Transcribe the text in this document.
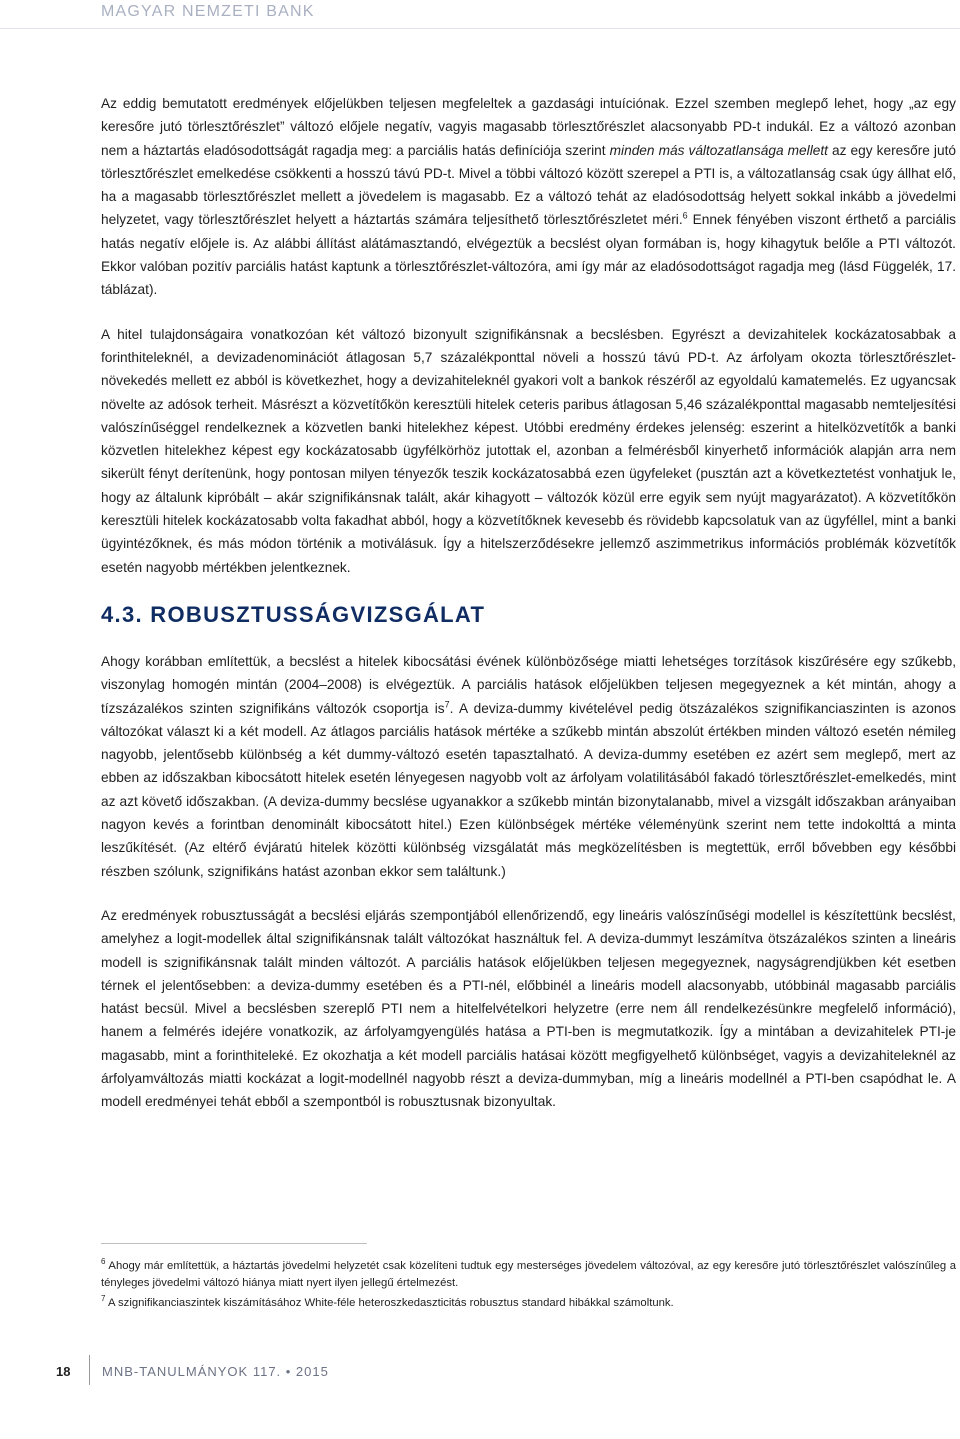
MAGYAR NEMZETI BANK

Az eddig bemutatott eredmények előjelükben teljesen megfeleltek a gazdasági intuíciónak. Ezzel szemben meglepő lehet, hogy „az egy keresőre jutó törlesztőrészlet” változó előjele negatív, vagyis magasabb törlesztőrészlet alacsonyabb PD-t indukál. Ez a változó azonban nem a háztartás eladósodottságát ragadja meg: a parciális hatás definíciója szerint minden más változatlansága mellett az egy keresőre jutó törlesztőrészlet emelkedése csökkenti a hosszú távú PD-t. Mivel a többi változó között szerepel a PTI is, a változatlanság csak úgy állhat elő, ha a magasabb törlesztőrészlet mellett a jövedelem is magasabb. Ez a változó tehát az eladósodottság helyett sokkal inkább a jövedelmi helyzetet, vagy törlesztőrészlet helyett a háztartás számára teljesíthető törlesztőrészletet méri.$^6$ Ennek fényében viszont érthető a parciális hatás negatív előjele is. Az alábbi állítást alátámasztandó, elvégeztük a becslést olyan formában is, hogy kihagytuk belőle a PTI változót. Ekkor valóban pozitív parciális hatást kaptunk a törlesztőrészlet-változóra, ami így már az eladósodottságot ragadja meg (lásd Függelék, 17. táblázat).

A hitel tulajdonságaira vonatkozóan két változó bizonyult szignifikánsnak a becslésben. Egyrészt a devizahitelek kockázatosabbak a forinthiteleknél, a devizadenominációt átlagosan 5,7 százalékponttal növeli a hosszú távú PD-t. Az árfolyam okozta törlesztőrészlet-növekedés mellett ez abból is következhet, hogy a devizahiteleknél gyakori volt a bankok részéről az egyoldalú kamatemelés. Ez ugyancsak növelte az adósok terheit. Másrészt a közvetítőkön keresztüli hitelek ceteris paribus átlagosan 5,46 százalékponttal magasabb nemteljesítési valószínűséggel rendelkeznek a közvetlen banki hitelekhez képest. Utóbbi eredmény érdekes jelenség: eszerint a hitelközvetítők a banki közvetlen hitelekhez képest egy kockázatosabb ügyfélkörhöz jutottak el, azonban a felmérésből kinyerhető információk alapján arra nem sikerült fényt derítenünk, hogy pontosan milyen tényezők teszik kockázatosabbá ezen ügyfeleket (pusztán azt a következtetést vonhatjuk le, hogy az általunk kipróbált – akár szignifikánsnak talált, akár kihagyott – változók közül erre egyik sem nyújt magyarázatot). A közvetítőkön keresztüli hitelek kockázatosabb volta fakadhat abból, hogy a közvetítőknek kevesebb és rövidebb kapcsolatuk van az ügyféllel, mint a banki ügyintézőknek, és más módon történik a motiválásuk. Így a hitelszerződésekre jellemző aszimmetrikus információs problémák közvetítők esetén nagyobb mértékben jelentkeznek.

4.3. ROBUSZTUSSÁGVIZSGÁLAT

Ahogy korábban említettük, a becslést a hitelek kibocsátási évének különbözősége miatti lehetséges torzítások kiszűrésére egy szűkebb, viszonylag homogén mintán (2004–2008) is elvégeztük. A parciális hatások előjelükben teljesen megegyeznek a két mintán, ahogy a tízszázalékos szinten szignifikáns változók csoportja $is^7$. A deviza-dummy kivételével pedig ötszázalékos szignifikanciaszinten is azonos változókat választ ki a két modell. Az átlagos parciális hatások mértéke a szűkebb mintán abszolút értékben minden változó esetén némileg nagyobb, jelentősebb különbség a két dummy-változó esetén tapasztalható. A deviza-dummy esetében ez azért sem meglepő, mert az ebben az időszakban kibocsátott hitelek esetén lényegesen nagyobb volt az árfolyam volatilitásából fakadó törlesztőrészlet-emelkedés, mint az azt követő időszakban. (A deviza-dummy becslése ugyanakkor a szűkebb mintán bizonytalanabb, mivel a vizsgált időszakban arányaiban nagyon kevés a forintban denominált kibocsátott hitel.) Ezen különbségek mértéke véleményünk szerint nem tette indokolttá a minta leszűkítését. (Az eltérő évjáratú hitelek közötti különbség vizsgálatát más megközelítésben is megtettük, erről bővebben egy későbbi részben szólunk, szignifikáns hatást azonban ekkor sem találtunk.)

Az eredmények robusztusságát a becslési eljárás szempontjából ellenőrizendő, egy lineáris valószínűségi modellel is készítettünk becslést, amelyhez a logit-modellek által szignifikánsnak talált változókat használtuk fel. A deviza-dummyt leszámítva ötszázalékos szinten a lineáris modell is szignifikánsnak talált minden változót. A parciális hatások előjelükben teljesen megegyeznek, nagyságrendjükben két esetben térnek el jelentősebben: a deviza-dummy esetében és a PTI-nél, előbbinél a lineáris modell alacsonyabb, utóbbinál magasabb parciális hatást becsül. Mivel a becslésben szereplő PTI nem a hitelfelvételkori helyzetre (erre nem áll rendelkezésünkre megfelelő információ), hanem a felmérés idejére vonatkozik, az árfolyamgyengülés hatása a PTI-ben is megmutatkozik. Így a mintában a devizahitelek PTI-je magasabb, mint a forinthiteleké. Ez okozhatja a két modell parciális hatásai között megfigyelhető különbséget, vagyis a devizahiteleknél az árfolyamváltozás miatti kockázat a logit-modellnél nagyobb részt a deviza-dummyban, míg a lineáris modellnél a PTI-ben csapódhat le. A modell eredményei tehát ebből a szempontból is robusztusnak bizonyultak.

$^6$ Ahogy már említettük, a háztartás jövedelmi helyzetét csak közelíteni tudtuk egy mesterséges jövedelem változóval, az egy keresőre jutó törlesztőrészlet valószínűleg a tényleges jövedelmi változó hiánya miatt nyert ilyen jellegű értelmezést.

$^7$ A szignifikanciaszintek kiszámításához White-féle heteroszkedaszticitás robusztus standard hibákkal számoltunk.

18 MNB-TANULMÁNYOK 117. • 2015
